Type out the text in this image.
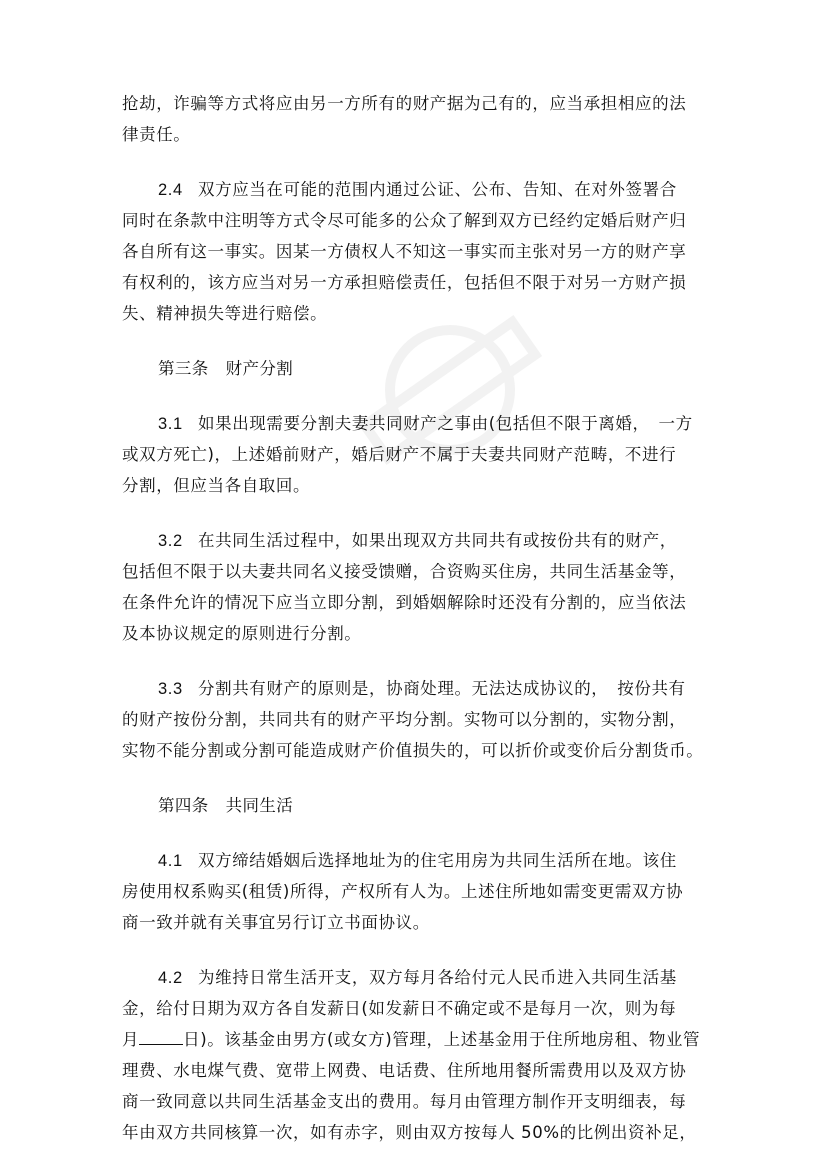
抢劫，诈骗等方式将应由另一方所有的财产据为己有的，应当承担相应的法
律责任。
2.4 双方应当在可能的范围内通过公证、公布、告知、在对外签署合
同时在条款中注明等方式令尽可能多的公众了解到双方已经约定婚后财产归
各自所有这一事实。因某一方债权人不知这一事实而主张对另一方的财产享
有权利的，该方应当对另一方承担赔偿责任，包括但不限于对另一方财产损
失、精神损失等进行赔偿。
第三条　财产分割
3.1 如果出现需要分割夫妻共同财产之事由(包括但不限于离婚，　一方
或双方死亡)，上述婚前财产，婚后财产不属于夫妻共同财产范畴，不进行
分割，但应当各自取回。
3.2 在共同生活过程中，如果出现双方共同共有或按份共有的财产，
包括但不限于以夫妻共同名义接受馈赠，合资购买住房，共同生活基金等，
在条件允许的情况下应当立即分割，到婚姻解除时还没有分割的，应当依法
及本协议规定的原则进行分割。
3.3 分割共有财产的原则是，协商处理。无法达成协议的，　按份共有
的财产按份分割，共同共有的财产平均分割。实物可以分割的，实物分割，
实物不能分割或分割可能造成财产价值损失的，可以折价或变价后分割货币。
第四条　共同生活
4.1 双方缔结婚姻后选择地址为的住宅用房为共同生活所在地。该住
房使用权系购买(租赁)所得，产权所有人为。上述住所地如需变更需双方协
商一致并就有关事宜另行订立书面协议。
4.2 为维持日常生活开支，双方每月各给付元人民币进入共同生活基
金，给付日期为双方各自发薪日(如发薪日不确定或不是每月一次，则为每
月	日)。该基金由男方(或女方)管理，上述基金用于住所地房租、物业管
理费、水电煤气费、宽带上网费、电话费、住所地用餐所需费用以及双方协
商一致同意以共同生活基金支出的费用。每月由管理方制作开支明细表，每
年由双方共同核算一次，如有赤字，则由双方按每人 50%的比例出资补足，
